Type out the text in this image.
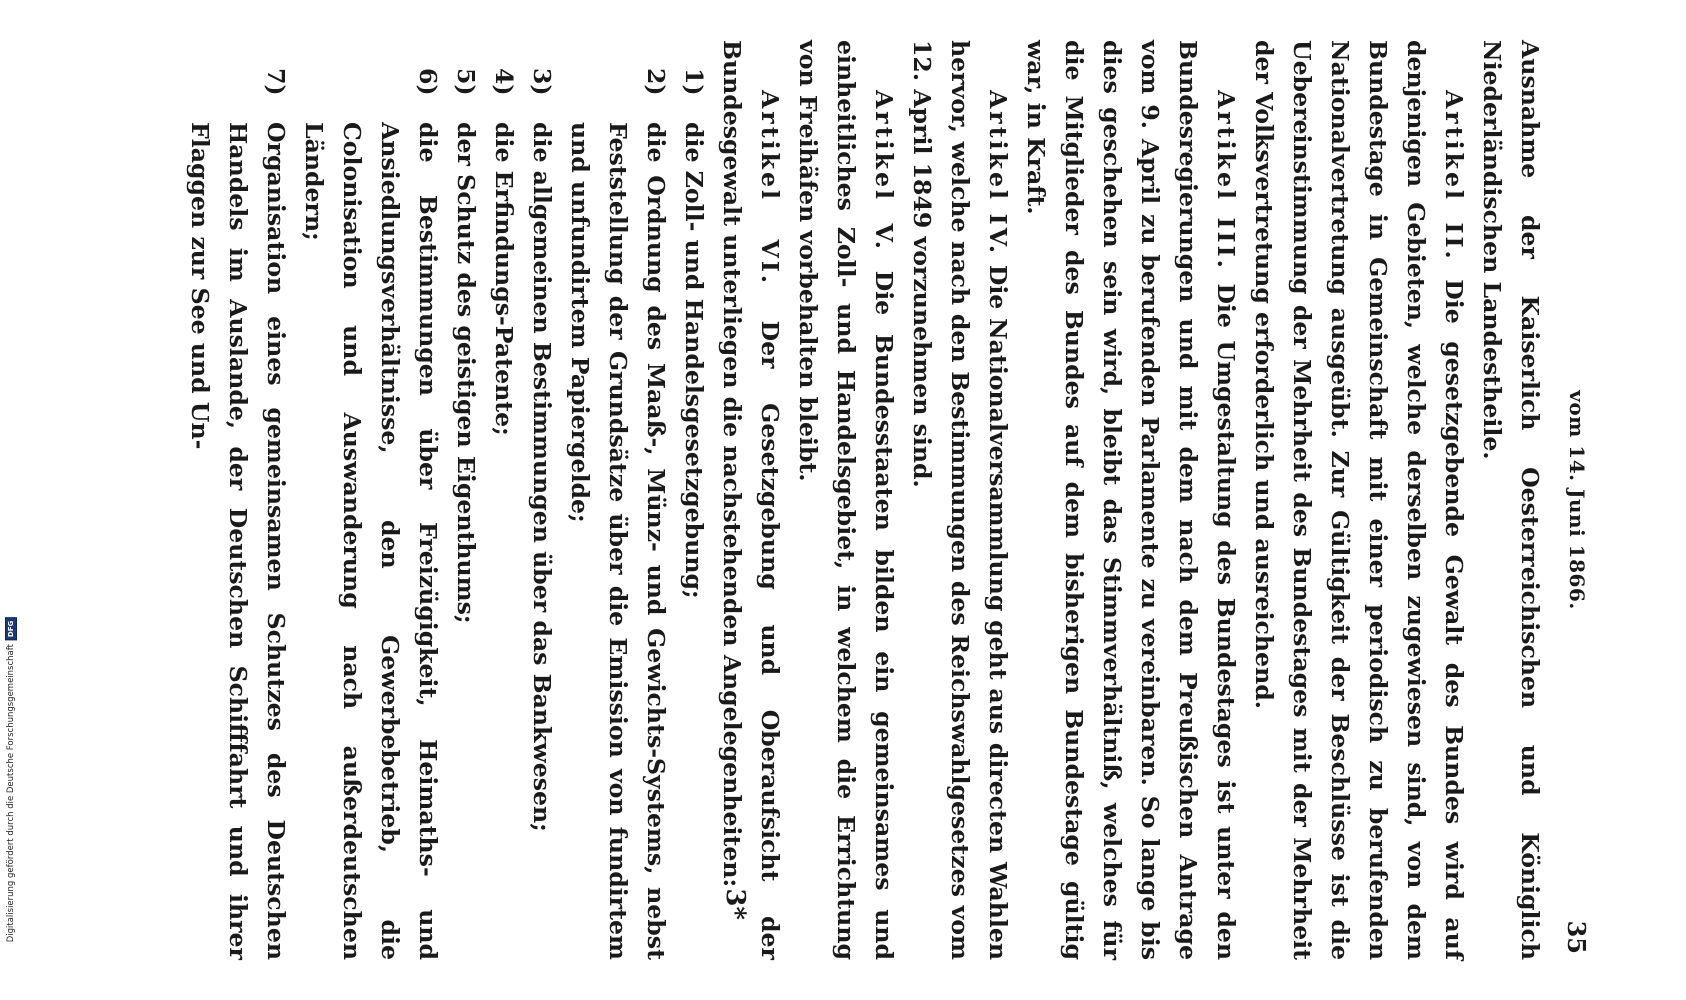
Digitalisierung gefördert durch die Deutsche Forschungsgemeinschaft
DFG
vom 14. Juni 1866.
35

Ausnahme der Kaiserlich Oesterreichischen und Königlich Niederländischen Landestheile.

Artikel II. Die gesetzgebende Gewalt des Bundes wird auf denjenigen Gebieten, welche derselben zugewiesen sind, von dem Bundestage in Gemeinschaft mit einer periodisch zu berufenden Nationalvertretung ausgeübt. Zur Gültigkeit der Beschlüsse ist die Uebereinstimmung der Mehrheit des Bundestages mit der Mehrheit der Volksvertretung erforderlich und ausreichend.

Artikel III. Die Umgestaltung des Bundestages ist unter den Bundesregierungen und mit dem nach dem Preußischen Antrage vom 9. April zu berufenden Parlamente zu vereinbaren. So lange bis dies geschehen sein wird, bleibt das Stimmverhältniß, welches für die Mitglieder des Bundes auf dem bisherigen Bundestage gültig war, in Kraft.

Artikel IV. Die Nationalversammlung geht aus directen Wahlen hervor, welche nach den Bestimmungen des Reichswahlgesetzes vom 12. April 1849 vorzunehmen sind.

Artikel V. Die Bundesstaaten bilden ein gemeinsames und einheitliches Zoll- und Handelsgebiet, in welchem die Errichtung von Freihäfen vorbehalten bleibt.

Artikel VI. Der Gesetzgebung und Oberaufsicht der Bundesgewalt unterliegen die nachstehenden Angelegenheiten:

1)
die Zoll- und Handelsgesetzgebung;
2)
die Ordnung des Maaß-, Münz- und Gewichts-Systems, nebst Feststellung der Grundsätze über die Emission von fundirtem und unfundirtem Papiergelde;
3)
die allgemeinen Bestimmungen über das Bankwesen;
4)
die Erfindungs-Patente;
5)
der Schutz des geistigen Eigenthums;
6)
die Bestimmungen über Freizügigkeit, Heimaths- und Ansiedlungsverhältnisse, den Gewerbebetrieb, die Colonisation und Auswanderung nach außerdeutschen Ländern;
7)
Organisation eines gemeinsamen Schutzes des Deutschen Handels im Auslande, der Deutschen Schifffahrt und ihrer Flaggen zur See und Un-
3*
